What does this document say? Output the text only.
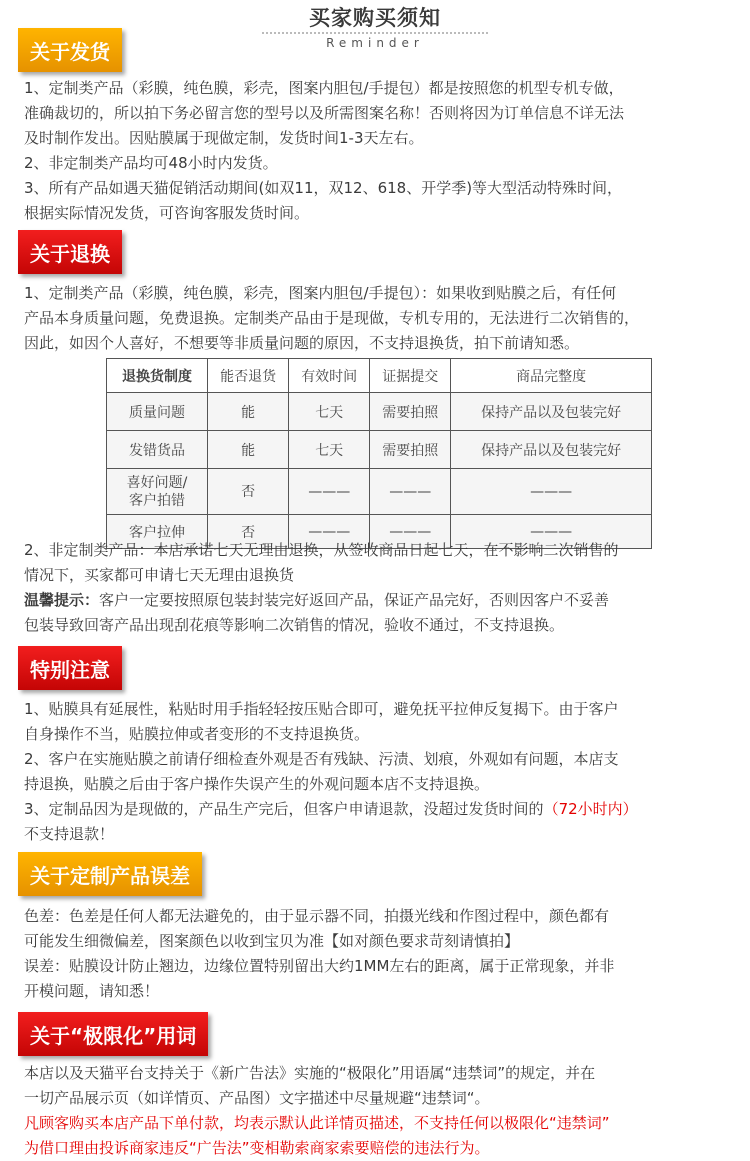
买家购买须知
Reminder
关于发货

1、定制类产品（彩膜，纯色膜，彩壳，图案内胆包/手提包）都是按照您的机型专机专做，

准确裁切的，所以拍下务必留言您的型号以及所需图案名称！否则将因为订单信息不详无法

及时制作发出。因贴膜属于现做定制，发货时间1-3天左右。

2、非定制类产品均可48小时内发货。

3、所有产品如遇天猫促销活动期间(如双11，双12、618、开学季)等大型活动特殊时间，

根据实际情况发货，可咨询客服发货时间。

关于退换

1、定制类产品（彩膜，纯色膜，彩壳，图案内胆包/手提包）：如果收到贴膜之后，有任何

产品本身质量问题，免费退换。定制类产品由于是现做，专机专用的，无法进行二次销售的，

因此，如因个人喜好，不想要等非质量问题的原因，不支持退换货，拍下前请知悉。

退换货制度	能否退货	有效时间	证据提交	商品完整度
质量问题	能	七天	需要拍照	保持产品以及包装完好
发错货品	能	七天	需要拍照	保持产品以及包装完好

喜好问题/
客户拍错	否	———	———	———
客户拉伸	否	———	———	———

2、非定制类产品：本店承诺七天无理由退换，从签收商品日起七天，在不影响二次销售的

情况下，买家都可申请七天无理由退换货

温馨提示：客户一定要按照原包装封装完好返回产品，保证产品完好，否则因客户不妥善

包装导致回寄产品出现刮花痕等影响二次销售的情况，验收不通过，不支持退换。

特别注意

1、贴膜具有延展性，粘贴时用手指轻轻按压贴合即可，避免抚平拉伸反复揭下。由于客户

自身操作不当，贴膜拉伸或者变形的不支持退换货。

2、客户在实施贴膜之前请仔细检查外观是否有残缺、污渍、划痕，外观如有问题，本店支

持退换，贴膜之后由于客户操作失误产生的外观问题本店不支持退换。

3、定制品因为是现做的，产品生产完后，但客户申请退款，没超过发货时间的（72小时内）

不支持退款！

关于定制产品误差

色差：色差是任何人都无法避免的，由于显示器不同，拍摄光线和作图过程中，颜色都有

可能发生细微偏差，图案颜色以收到宝贝为准【如对颜色要求苛刻请慎拍】

误差：贴膜设计防止翘边，边缘位置特别留出大约1MM左右的距离，属于正常现象，并非

开模问题，请知悉！

关于“极限化”用词

本店以及天猫平台支持关于《新广告法》实施的“极限化”用语属“违禁词”的规定，并在

一切产品展示页（如详情页、产品图）文字描述中尽量规避“违禁词“。

凡顾客购买本店产品下单付款，均表示默认此详情页描述，不支持任何以极限化“违禁词”

为借口理由投诉商家违反“广告法”变相勒索商家索要赔偿的违法行为。
